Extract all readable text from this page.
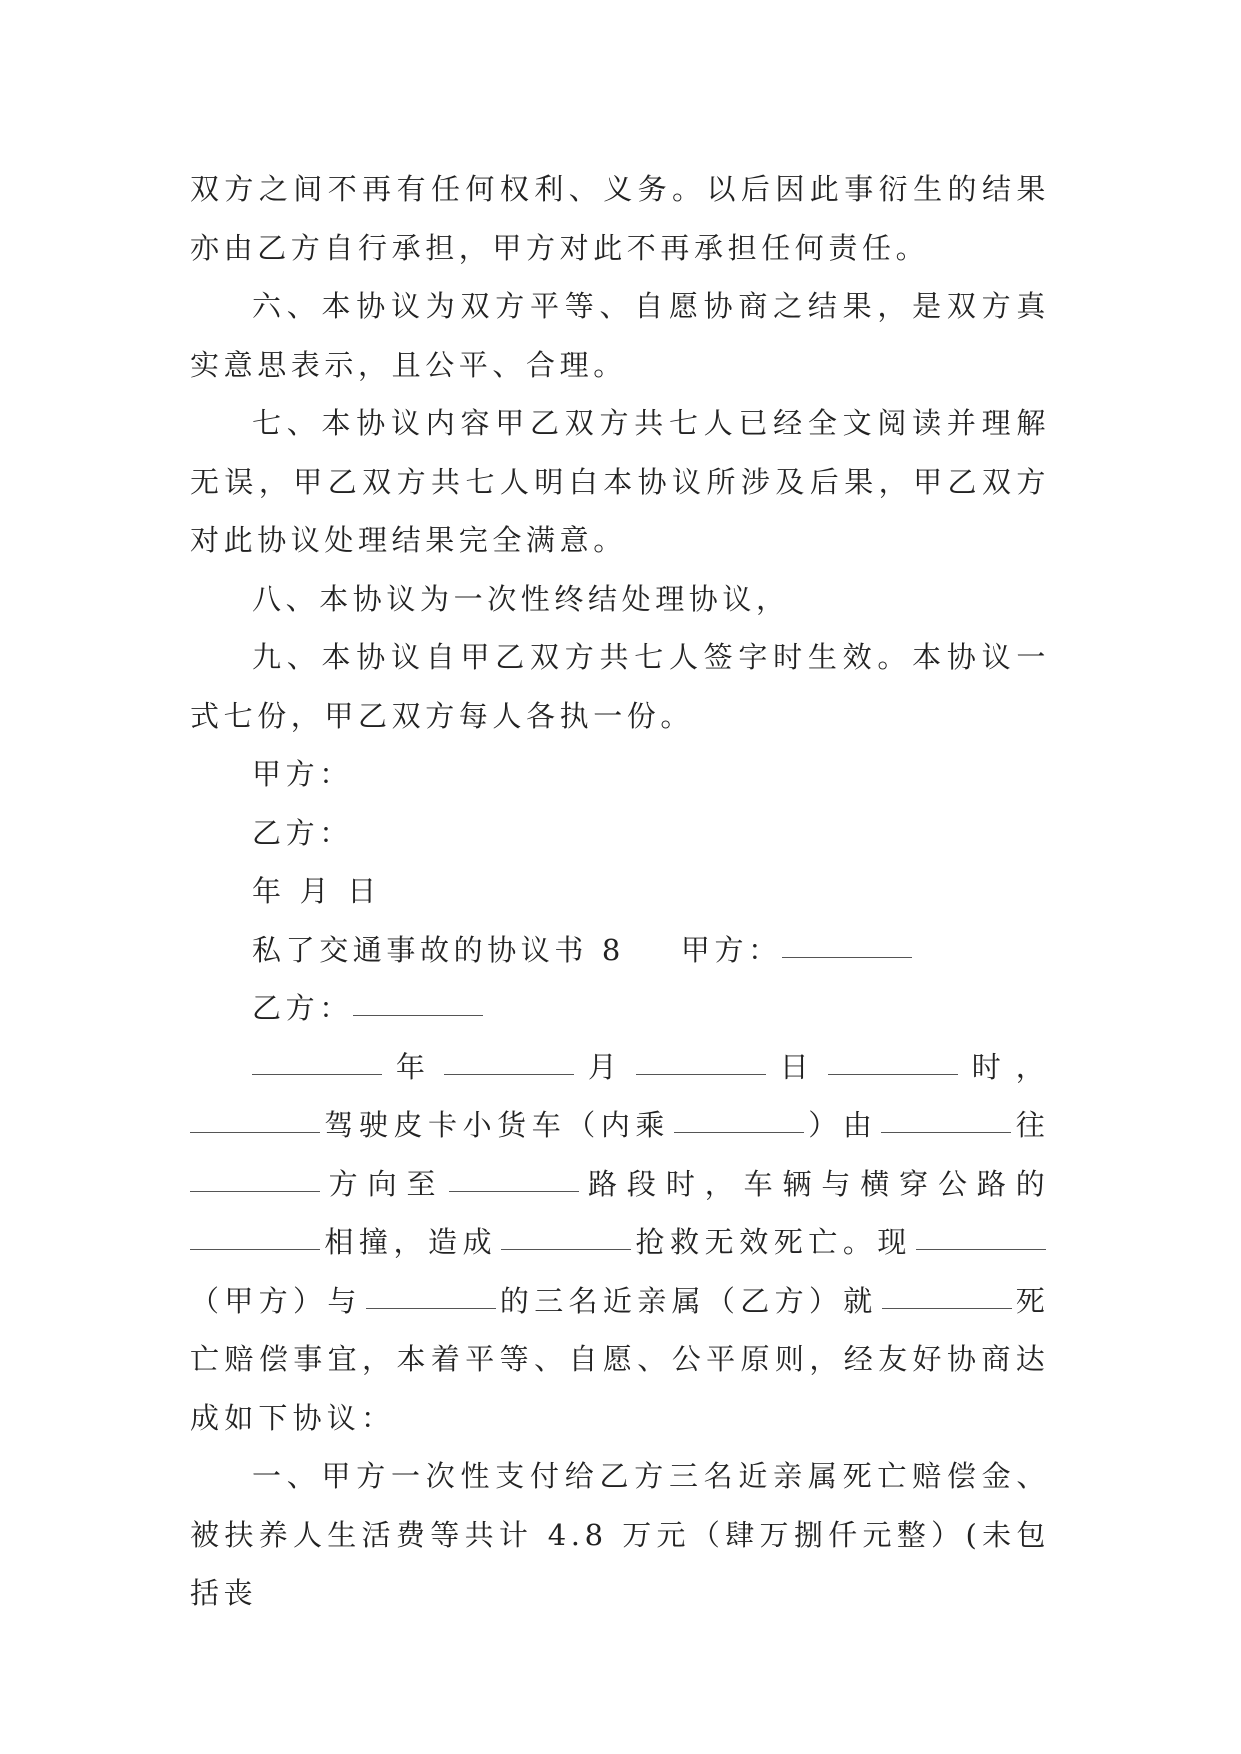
双方之间不再有任何权利、义务。以后因此事衍生的结果亦由乙方自行承担，甲方对此不再承担任何责任。

六、本协议为双方平等、自愿协商之结果，是双方真实意思表示，且公平、合理。

七、本协议内容甲乙双方共七人已经全文阅读并理解无误，甲乙双方共七人明白本协议所涉及后果，甲乙双方对此协议处理结果完全满意。

八、本协议为一次性终结处理协议，

九、本协议自甲乙双方共七人签字时生效。本协议一式七份，甲乙双方每人各执一份。

甲方：

乙方：

年 月 日

私了交通事故的协议书 8 甲方：

乙方：

年	月	日	时，驾驶皮卡小货车（内乘	）由	往方向至	路段时，车辆与横穿公路的相撞，造成	抢救无效死亡。现（甲方）与	的三名近亲属（乙方）就	死亡赔偿事宜，本着平等、自愿、公平原则，经友好协商达成如下协议：

一、甲方一次性支付给乙方三名近亲属死亡赔偿金、被扶养人生活费等共计 4.8 万元（肆万捌仟元整）(未包括丧
